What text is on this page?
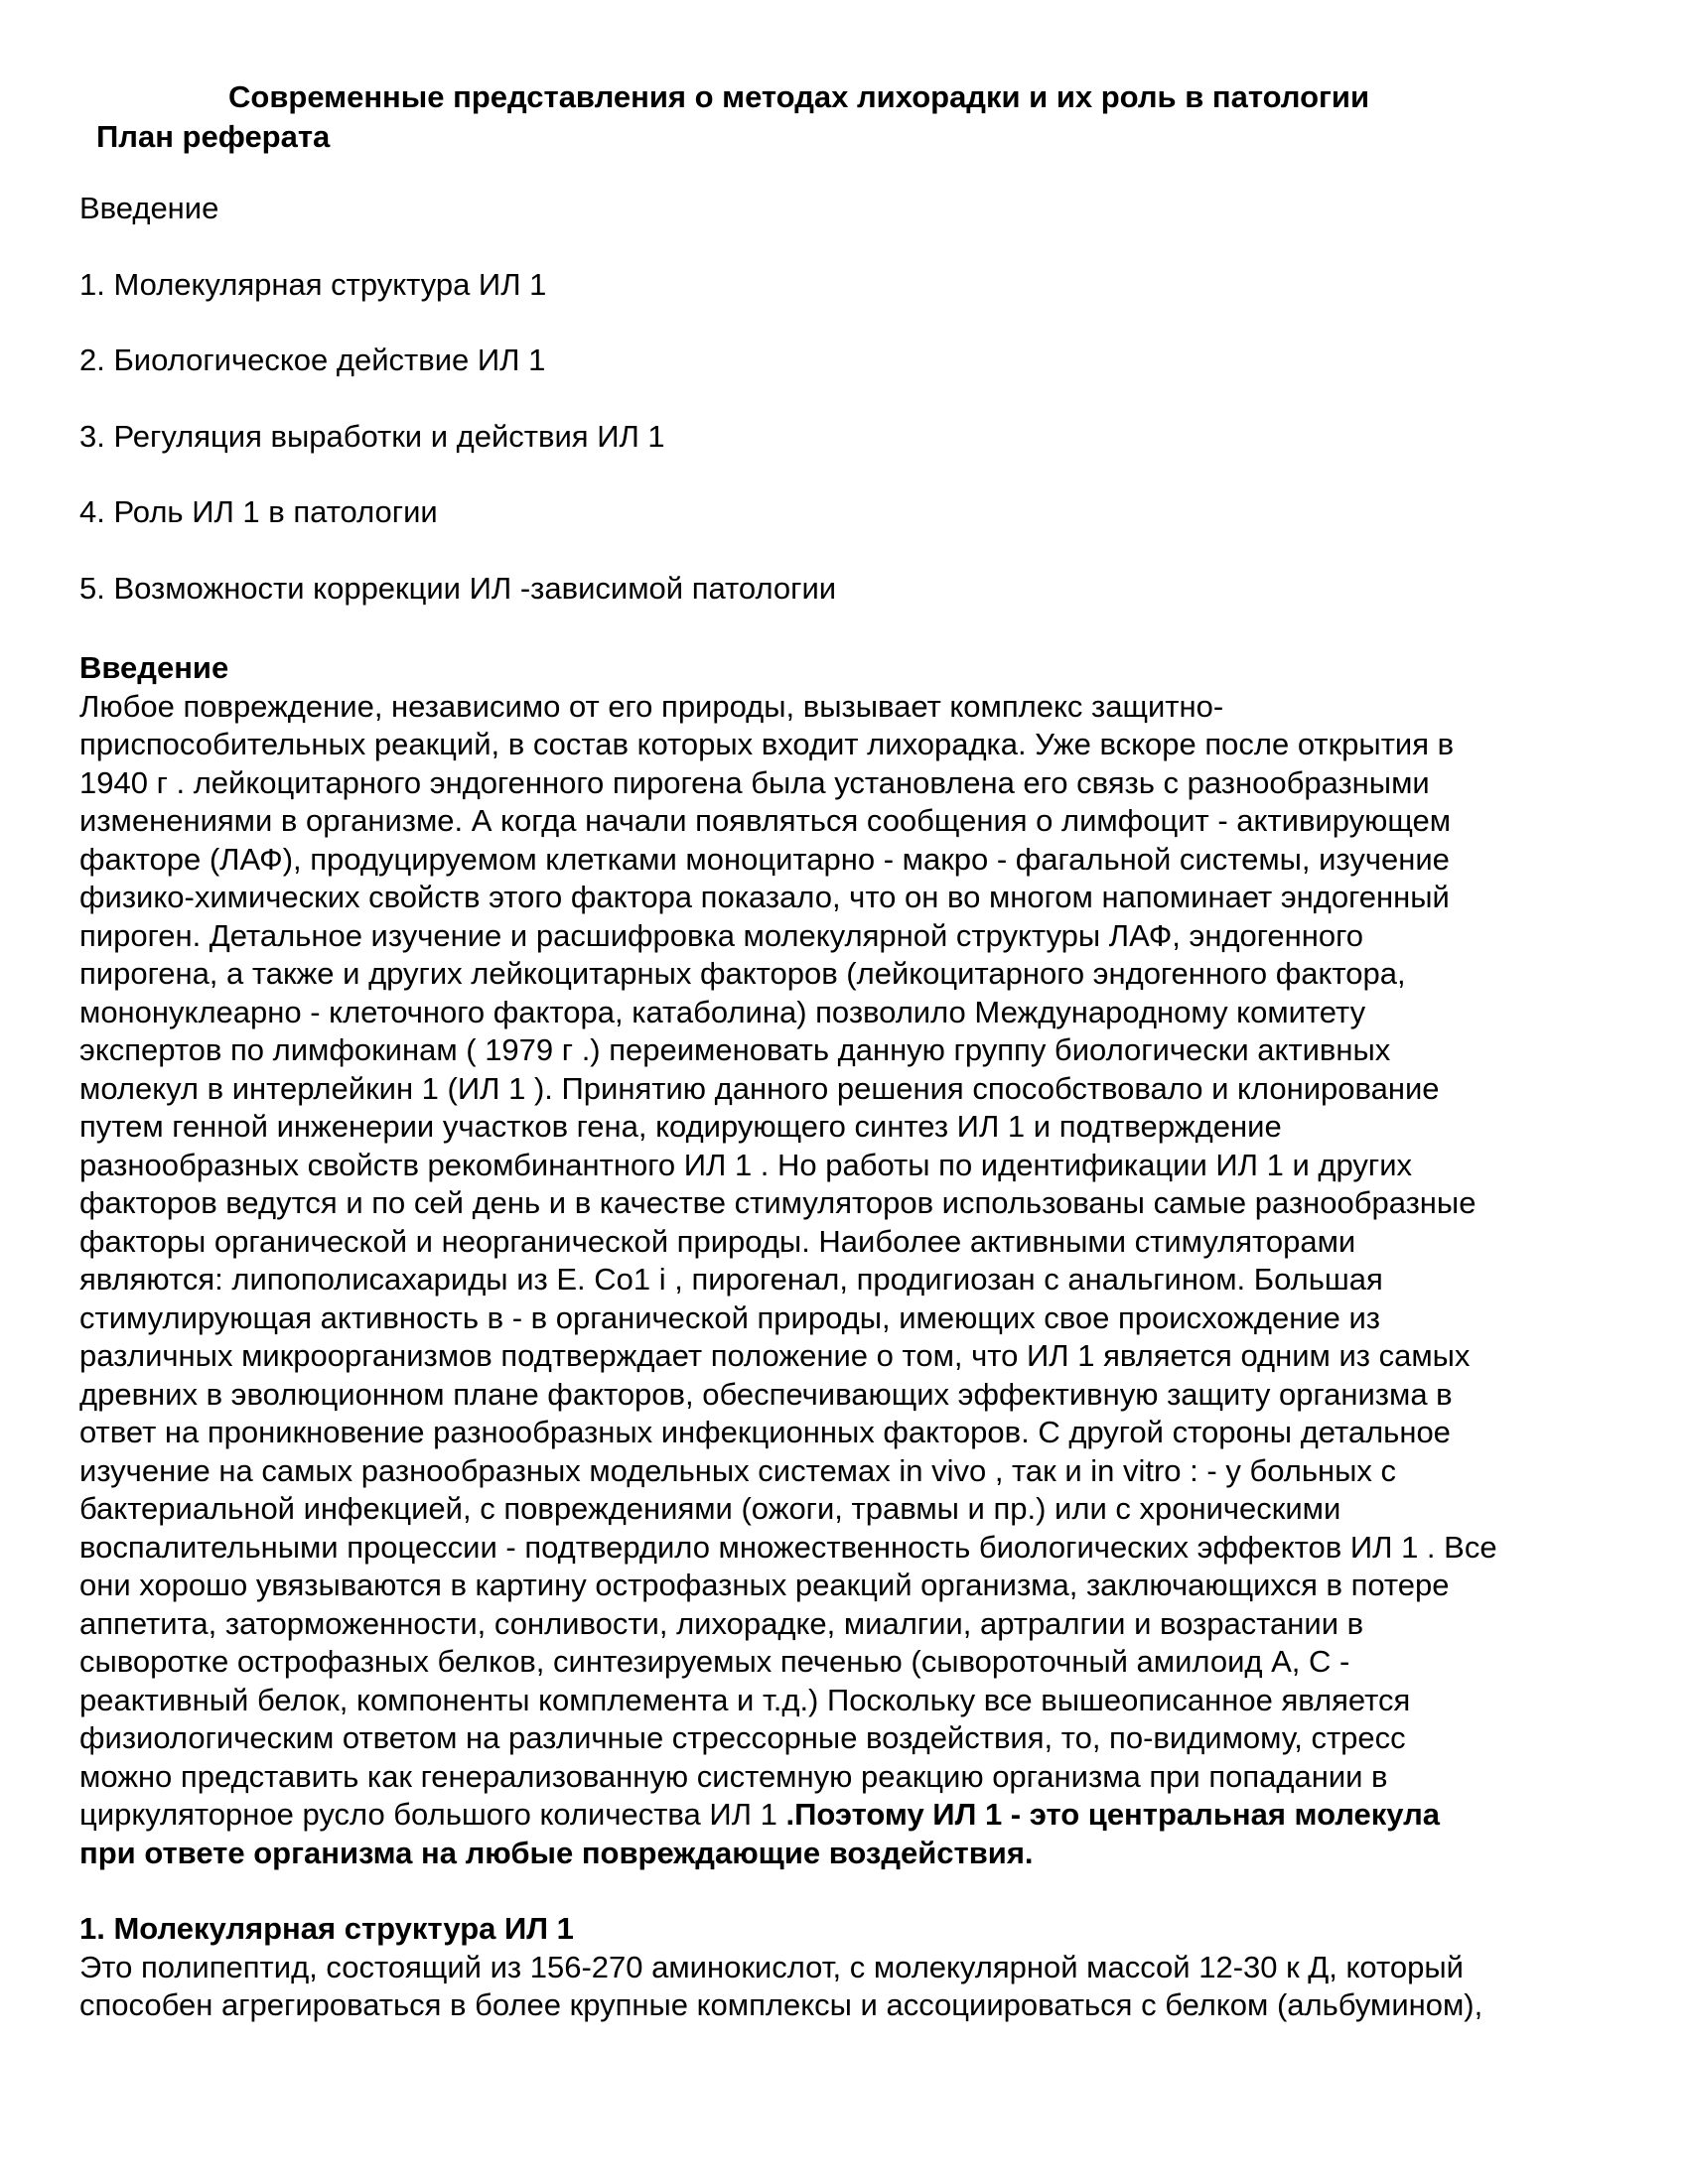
Современные представления о методах лихорадки и их роль в патологии
План реферата
Введение
1. Молекулярная структура ИЛ 1
2. Биологическое действие ИЛ 1
3. Регуляция выработки и действия ИЛ 1
4. Роль ИЛ 1 в патологии
5. Возможности коррекции ИЛ -зависимой патологии
Введение

Любое повреждение, независимо от его природы, вызывает комплекс защитно-
приспособительных реакций, в состав которых входит лихорадка. Уже вскоре после открытия в
1940 г . лейкоцитарного эндогенного пирогена была установлена его связь с разнообразными
изменениями в организме. А когда начали появляться сообщения о лимфоцит - активирующем
факторе (ЛАФ), продуцируемом клетками моноцитарно - макро - фагальной системы, изучение
физико-химических свойств этого фактора показало, что он во многом напоминает эндогенный
пироген. Детальное изучение и расшифровка молекулярной структуры ЛАФ, эндогенного
пирогена, а также и других лейкоцитарных факторов (лейкоцитарного эндогенного фактора,
мононуклеарно - клеточного фактора, катаболина) позволило Международному комитету
экспертов по лимфокинам ( 1979 г .) переименовать данную группу биологически активных
молекул в интерлейкин 1 (ИЛ 1 ). Принятию данного решения способствовало и клонирование
путем генной инженерии участков гена, кодирующего синтез ИЛ 1 и подтверждение
разнообразных свойств рекомбинантного ИЛ 1 . Но работы по идентификации ИЛ 1 и других
факторов ведутся и по сей день и в качестве стимуляторов использованы самые разнообразные
факторы органической и неорганической природы. Наиболее активными стимуляторами
являются: липополисахариды из Е. Со1 i , пирогенал, продигиозан с анальгином. Большая
стимулирующая активность в - в органической природы, имеющих свое происхождение из
различных микроорганизмов подтверждает положение о том, что ИЛ 1 является одним из самых
древних в эволюционном плане факторов, обеспечивающих эффективную защиту организма в
ответ на проникновение разнообразных инфекционных факторов. С другой стороны детальное
изучение на самых разнообразных модельных системах in vivo , так и in vitro : - у больных с
бактериальной инфекцией, с повреждениями (ожоги, травмы и пр.) или с хроническими
воспалительными процессии - подтвердило множественность биологических эффектов ИЛ 1 . Все
они хорошо увязываются в картину острофазных реакций организма, заключающихся в потере
аппетита, заторможенности, сонливости, лихорадке, миалгии, артралгии и возрастании в
сыворотке острофазных белков, синтезируемых печенью (сывороточный амилоид А, С -
реактивный белок, компоненты комплемента и т.д.) Поскольку все вышеописанное является
физиологическим ответом на различные стрессорные воздействия, то, по-видимому, стресс
можно представить как генерализованную системную реакцию организма при попадании в
циркуляторное русло большого количества ИЛ 1 .Поэтому ИЛ 1 - это центральная молекула
при ответе организма на любые повреждающие воздействия.

1. Молекулярная структура ИЛ 1

Это полипептид, состоящий из 156-270 аминокислот, с молекулярной массой 12-30 к Д, который
способен агрегироваться в более крупные комплексы и ассоциироваться с белком (альбумином),
